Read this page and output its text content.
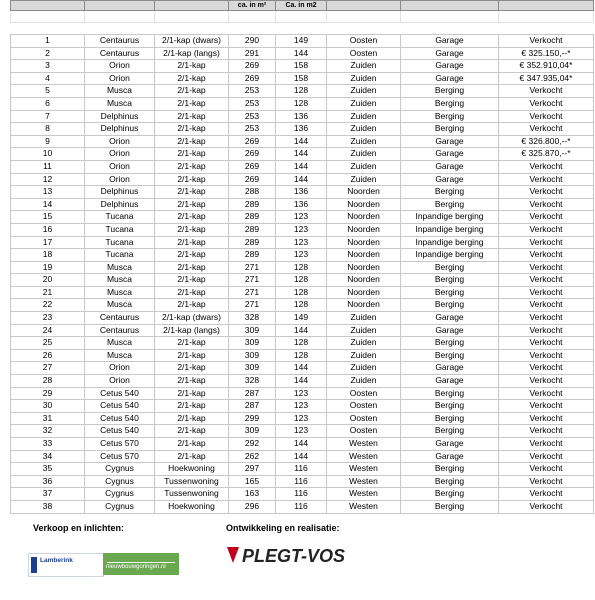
			ca. in m²	Ca. in m2			

1	Centaurus	2/1-kap (dwars)	290	149	Oosten	Garage	Verkocht
2	Centaurus	2/1-kap (langs)	291	144	Oosten	Garage	€ 325.150,--*
3	Orion	2/1-kap	269	158	Zuiden	Garage	€ 352.910,04*
4	Orion	2/1-kap	269	158	Zuiden	Garage	€ 347.935,04*
5	Musca	2/1-kap	253	128	Zuiden	Berging	Verkocht
6	Musca	2/1-kap	253	128	Zuiden	Berging	Verkocht
7	Delphinus	2/1-kap	253	136	Zuiden	Berging	Verkocht
8	Delphinus	2/1-kap	253	136	Zuiden	Berging	Verkocht
9	Orion	2/1-kap	269	144	Zuiden	Garage	€ 326.800,--*
10	Orion	2/1-kap	269	144	Zuiden	Garage	€ 325.870,--*
11	Orion	2/1-kap	269	144	Zuiden	Garage	Verkocht
12	Orion	2/1-kap	269	144	Zuiden	Garage	Verkocht
13	Delphinus	2/1-kap	288	136	Noorden	Berging	Verkocht
14	Delphinus	2/1-kap	289	136	Noorden	Berging	Verkocht
15	Tucana	2/1-kap	289	123	Noorden	Inpandige berging	Verkocht
16	Tucana	2/1-kap	289	123	Noorden	Inpandige berging	Verkocht
17	Tucana	2/1-kap	289	123	Noorden	Inpandige berging	Verkocht
18	Tucana	2/1-kap	289	123	Noorden	Inpandige berging	Verkocht
19	Musca	2/1-kap	271	128	Noorden	Berging	Verkocht
20	Musca	2/1-kap	271	128	Noorden	Berging	Verkocht
21	Musca	2/1-kap	271	128	Noorden	Berging	Verkocht
22	Musca	2/1-kap	271	128	Noorden	Berging	Verkocht
23	Centaurus	2/1-kap (dwars)	328	149	Zuiden	Garage	Verkocht
24	Centaurus	2/1-kap (langs)	309	144	Zuiden	Garage	Verkocht
25	Musca	2/1-kap	309	128	Zuiden	Berging	Verkocht
26	Musca	2/1-kap	309	128	Zuiden	Berging	Verkocht
27	Orion	2/1-kap	309	144	Zuiden	Garage	Verkocht
28	Orion	2/1-kap	328	144	Zuiden	Garage	Verkocht
29	Cetus 540	2/1-kap	287	123	Oosten	Berging	Verkocht
30	Cetus 540	2/1-kap	287	123	Oosten	Berging	Verkocht
31	Cetus 540	2/1-kap	299	123	Oosten	Berging	Verkocht
32	Cetus 540	2/1-kap	309	123	Oosten	Berging	Verkocht
33	Cetus 570	2/1-kap	292	144	Westen	Garage	Verkocht
34	Cetus 570	2/1-kap	262	144	Westen	Garage	Verkocht
35	Cygnus	Hoekwoning	297	116	Westen	Berging	Verkocht
36	Cygnus	Tussenwoning	165	116	Westen	Berging	Verkocht
37	Cygnus	Tussenwoning	163	116	Westen	Berging	Verkocht
38	Cygnus	Hoekwoning	296	116	Westen	Berging	Verkocht
Verkoop en inlichten:	Ontwikkeling en realisatie:
Lamberink
nieuwbouwgoringen.nl
PLEGT-VOS
